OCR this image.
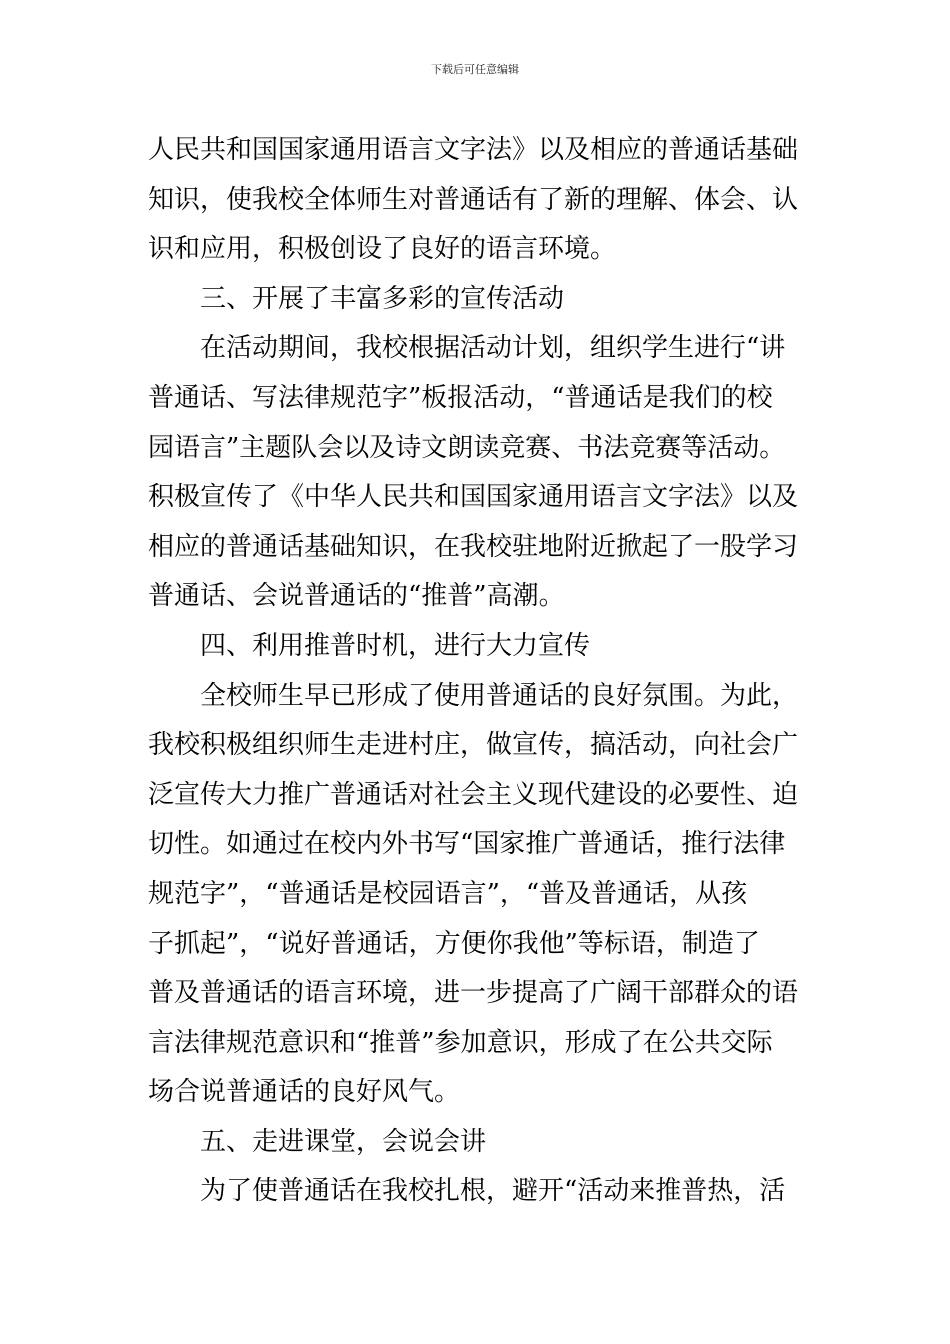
下载后可任意编辑
人民共和国国家通用语言文字法》以及相应的普通话基础
知识，使我校全体师生对普通话有了新的理解、体会、认
识和应用，积极创设了良好的语言环境。
三、开展了丰富多彩的宣传活动
在活动期间，我校根据活动计划，组织学生进行“讲
普通话、写法律规范字”板报活动，“普通话是我们的校
园语言”主题队会以及诗文朗读竞赛、书法竞赛等活动。
积极宣传了《中华人民共和国国家通用语言文字法》以及
相应的普通话基础知识，在我校驻地附近掀起了一股学习
普通话、会说普通话的“推普”高潮。
四、利用推普时机，进行大力宣传
全校师生早已形成了使用普通话的良好氛围。为此，
我校积极组织师生走进村庄，做宣传，搞活动，向社会广
泛宣传大力推广普通话对社会主义现代建设的必要性、迫
切性。如通过在校内外书写“国家推广普通话，推行法律
规范字”，“普通话是校园语言”，“普及普通话，从孩
子抓起”，“说好普通话，方便你我他”等标语，制造了
普及普通话的语言环境，进一步提高了广阔干部群众的语
言法律规范意识和“推普”参加意识，形成了在公共交际
场合说普通话的良好风气。
五、走进课堂，会说会讲
为了使普通话在我校扎根，避开“活动来推普热，活
